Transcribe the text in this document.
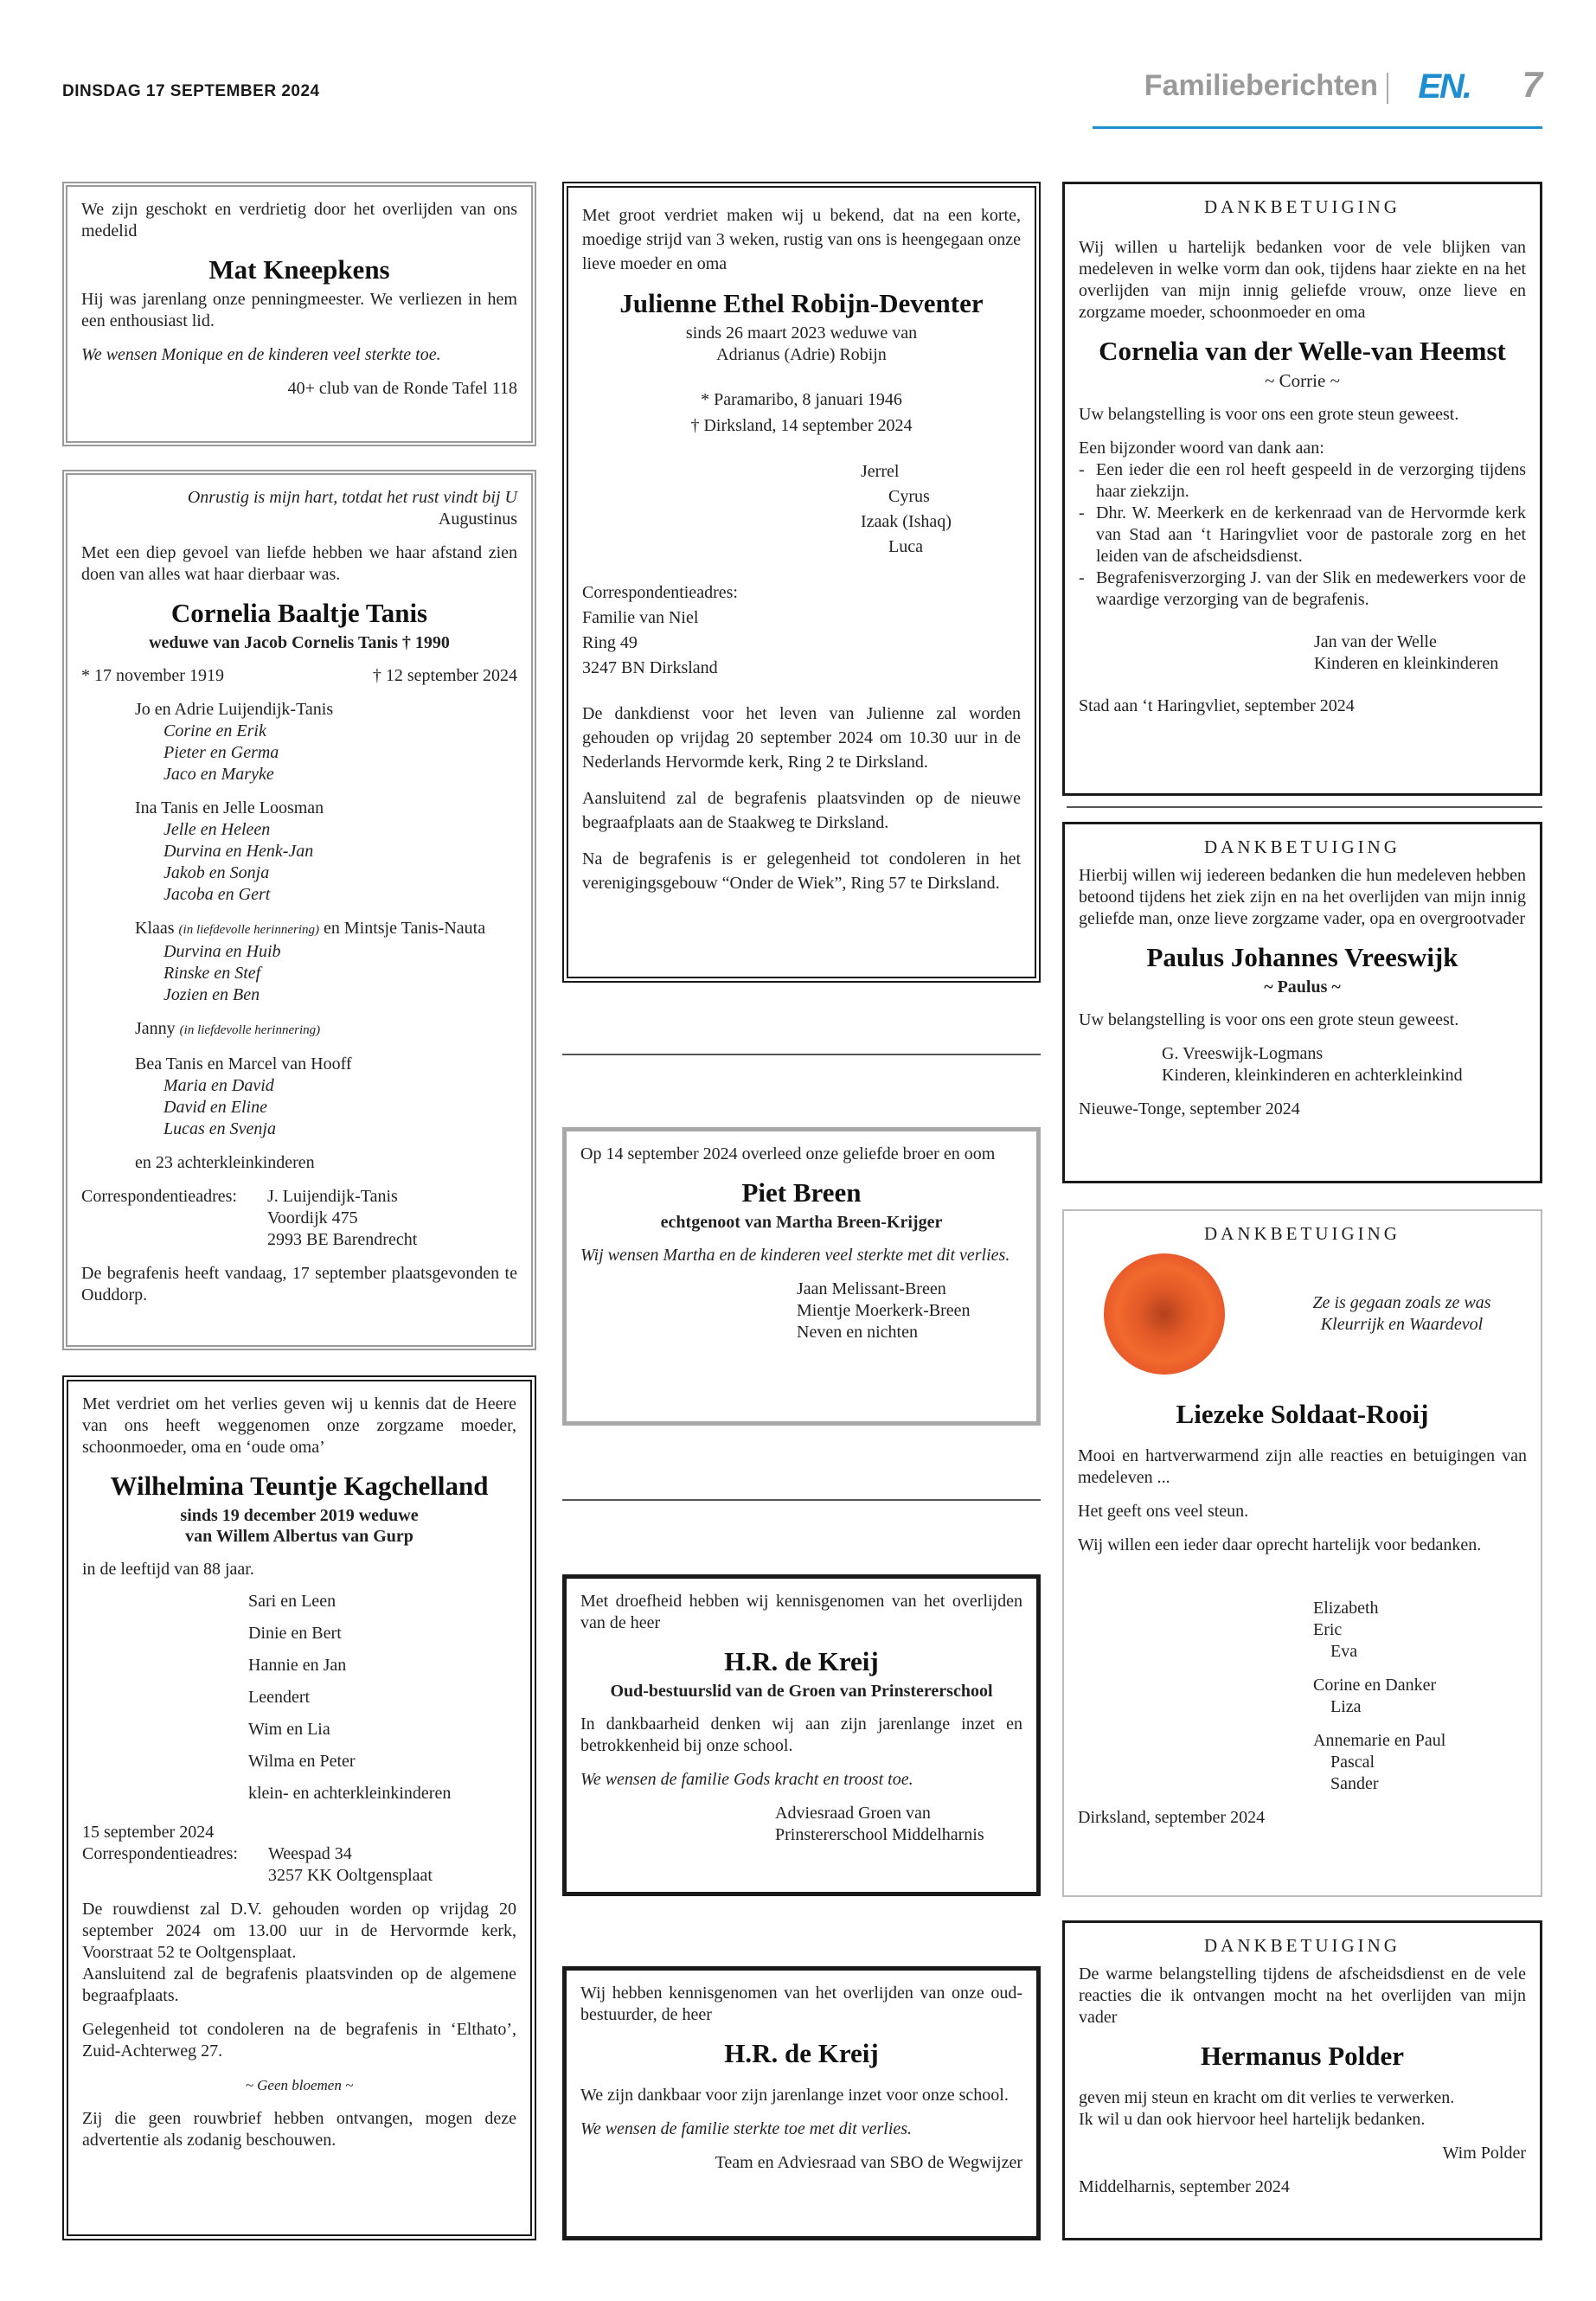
DINSDAG 17 SEPTEMBER 2024	Familieberichten EN. 7
We zijn geschokt en verdrietig door het overlijden van ons medelid
Mat Kneepkens
Hij was jarenlang onze penningmeester. We verliezen in hem een enthousiast lid.
We wensen Monique en de kinderen veel sterkte toe.
40+ club van de Ronde Tafel 118
Onrustig is mijn hart, totdat het rust vindt bij U
Augustinus
Met een diep gevoel van liefde hebben we haar afstand zien doen van alles wat haar dierbaar was.
Cornelia Baaltje Tanis
weduwe van Jacob Cornelis Tanis † 1990
* 17 november 1919	† 12 september 2024
Jo en Adrie Luijendijk-Tanis
Corine en Erik
Pieter en Germa
Jaco en Maryke
Ina Tanis en Jelle Loosman
Jelle en Heleen
Durvina en Henk-Jan
Jakob en Sonja
Jacoba en Gert
Klaas (in liefdevolle herinnering) en Mintsje Tanis-Nauta
Durvina en Huib
Rinske en Stef
Jozien en Ben
Janny (in liefdevolle herinnering)
Bea Tanis en Marcel van Hooff
Maria en David
David en Eline
Lucas en Svenja
en 23 achterkleinkinderen
Correspondentieadres:	J. Luijendijk-Tanis
Voordijk 475
2993 BE Barendrecht
De begrafenis heeft vandaag, 17 september plaatsgevonden te Ouddorp.
Met verdriet om het verlies geven wij u kennis dat de Heere van ons heeft weggenomen onze zorgzame moeder, schoonmoeder, oma en ‘oude oma’
Wilhelmina Teuntje Kagchelland
sinds 19 december 2019 weduwe
van Willem Albertus van Gurp
in de leeftijd van 88 jaar.
Sari en Leen
Dinie en Bert
Hannie en Jan
Leendert
Wim en Lia
Wilma en Peter
klein- en achterkleinkinderen
15 september 2024
Correspondentieadres:	Weespad 34
3257 KK Ooltgensplaat
De rouwdienst zal D.V. gehouden worden op vrijdag 20 september 2024 om 13.00 uur in de Hervormde kerk, Voorstraat 52 te Ooltgensplaat.
Aansluitend zal de begrafenis plaatsvinden op de algemene begraafplaats.
Gelegenheid tot condoleren na de begrafenis in ‘Elthato’, Zuid-Achterweg 27.
~ Geen bloemen ~
Zij die geen rouwbrief hebben ontvangen, mogen deze advertentie als zodanig beschouwen.
Met groot verdriet maken wij u bekend, dat na een korte, moedige strijd van 3 weken, rustig van ons is heengegaan onze lieve moeder en oma
Julienne Ethel Robijn-Deventer
sinds 26 maart 2023 weduwe van
Adrianus (Adrie) Robijn
* Paramaribo, 8 januari 1946
† Dirksland, 14 september 2024
Jerrel
Cyrus
Izaak (Ishaq)
Luca
Correspondentieadres:
Familie van Niel
Ring 49
3247 BN Dirksland
De dankdienst voor het leven van Julienne zal worden gehouden op vrijdag 20 september 2024 om 10.30 uur in de Nederlands Hervormde kerk, Ring 2 te Dirksland.
Aansluitend zal de begrafenis plaatsvinden op de nieuwe begraafplaats aan de Staakweg te Dirksland.
Na de begrafenis is er gelegenheid tot condoleren in het verenigingsgebouw “Onder de Wiek”, Ring 57 te Dirksland.
Op 14 september 2024 overleed onze geliefde broer en oom
Piet Breen
echtgenoot van Martha Breen-Krijger
Wij wensen Martha en de kinderen veel sterkte met dit verlies.
Jaan Melissant-Breen
Mientje Moerkerk-Breen
Neven en nichten
Met droefheid hebben wij kennisgenomen van het overlijden van de heer
H.R. de Kreij
Oud-bestuurslid van de Groen van Prinstererschool
In dankbaarheid denken wij aan zijn jarenlange inzet en betrokkenheid bij onze school.
We wensen de familie Gods kracht en troost toe.
Adviesraad Groen van
Prinstererschool Middelharnis
Wij hebben kennisgenomen van het overlijden van onze oud-bestuurder, de heer
H.R. de Kreij
We zijn dankbaar voor zijn jarenlange inzet voor onze school.
We wensen de familie sterkte toe met dit verlies.
Team en Adviesraad van SBO de Wegwijzer
DANKBETUIGING
Wij willen u hartelijk bedanken voor de vele blijken van medeleven in welke vorm dan ook, tijdens haar ziekte en na het overlijden van mijn innig geliefde vrouw, onze lieve en zorgzame moeder, schoonmoeder en oma
Cornelia van der Welle-van Heemst
~ Corrie ~
Uw belangstelling is voor ons een grote steun geweest.
Een bijzonder woord van dank aan:
- Een ieder die een rol heeft gespeeld in de verzorging tijdens haar ziekzijn.
- Dhr. W. Meerkerk en de kerkenraad van de Hervormde kerk van Stad aan ‘t Haringvliet voor de pastorale zorg en het leiden van de afscheidsdienst.
- Begrafenisverzorging J. van der Slik en medewerkers voor de waardige verzorging van de begrafenis.
Jan van der Welle
Kinderen en kleinkinderen
Stad aan ‘t Haringvliet, september 2024
DANKBETUIGING
Hierbij willen wij iedereen bedanken die hun medeleven hebben betoond tijdens het ziek zijn en na het overlijden van mijn innig geliefde man, onze lieve zorgzame vader, opa en overgrootvader
Paulus Johannes Vreeswijk
~ Paulus ~
Uw belangstelling is voor ons een grote steun geweest.
G. Vreeswijk-Logmans
Kinderen, kleinkinderen en achterkleinkind
Nieuwe-Tonge, september 2024
DANKBETUIGING
Ze is gegaan zoals ze was
Kleurrijk en Waardevol
Liezeke Soldaat-Rooij
Mooi en hartverwarmend zijn alle reacties en betuigingen van medeleven ...
Het geeft ons veel steun.
Wij willen een ieder daar oprecht hartelijk voor bedanken.
Elizabeth
Eric
Eva
Corine en Danker
Liza
Annemarie en Paul
Pascal
Sander
Dirksland, september 2024
DANKBETUIGING
De warme belangstelling tijdens de afscheidsdienst en de vele reacties die ik ontvangen mocht na het overlijden van mijn vader
Hermanus Polder
geven mij steun en kracht om dit verlies te verwerken.
Ik wil u dan ook hiervoor heel hartelijk bedanken.
Wim Polder
Middelharnis, september 2024
